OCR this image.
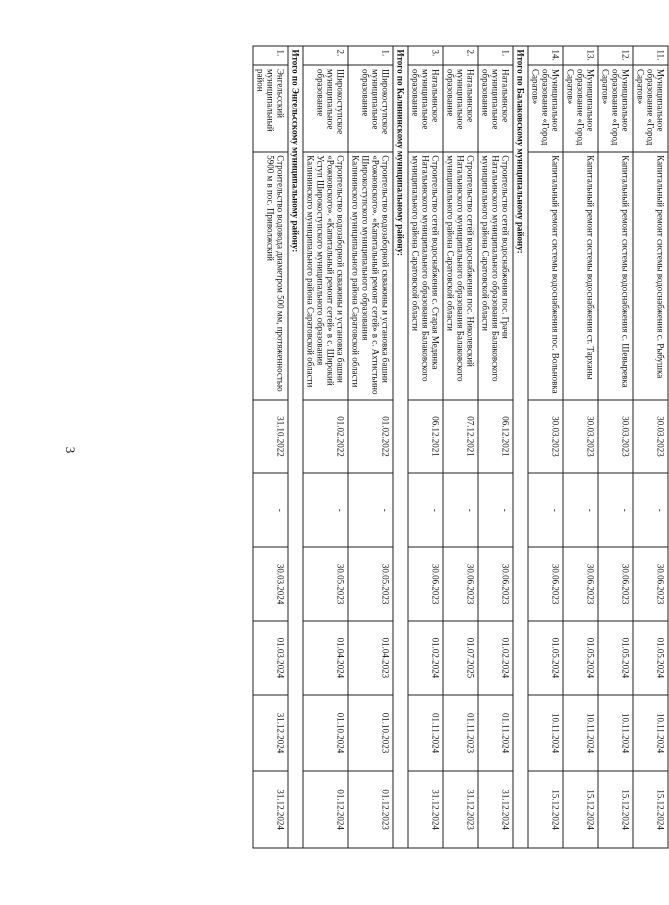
3
11.	Муниципальное образование «Город Саратов»	Капитальный ремонт системы водоснабжения с. Рыбушка	30.03.2023	-	30.06.2023	01.05.2024	10.11.2024	15.12.2024
12.	Муниципальное образование «Город Саратов»	Капитальный ремонт системы водоснабжения с. Шевыревка	30.03.2023	-	30.06.2023	01.05.2024	10.11.2024	15.12.2024
13.	Муниципальное образование «Город Саратов»	Капитальный ремонт системы водоснабжения ст. Тарханы	30.03.2023	-	30.06.2023	01.05.2024	10.11.2024	15.12.2024
14.	Муниципальное образование «Город Саратов»	Капитальный ремонт системы водоснабжения пос. Вольновка	30.03.2023	-	30.06.2023	01.05.2024	10.11.2024	15.12.2024
Итого по Балаковскому муниципальному району:								
1.	Натальинское муниципальное образование	Строительство сетей водоснабжения пос. Грачи Натальинского муниципального образования Балаковского муниципального района Саратовской области	06.12.2021	-	30.06.2023	01.02.2024	01.11.2024	31.12.2024
2.	Натальинское муниципальное образование	Строительство сетей водоснабжения пос. Николевский Натальинского муниципального образования Балаковского муниципального района Саратовской области	07.12.2021	-	30.06.2023	01.07.2025	01.11.2023	31.12.2023
3.	Натальинское муниципальное образование	Строительство сетей водоснабжения с. Старая Медянка Натальинского муниципального образования Балаковского муниципального района Саратовской области	06.12.2021	-	30.06.2023	01.02.2024	01.11.2024	31.12.2024
Итого по Калининскому муниципальному району:								
1.	Широкоступское муниципальное образование	Строительство водозаборной скважины и установка башни «Рожновского». «Капитальный ремонт сетей» в с. Ахтистьино Широкоступского муниципального образования Калининского муниципального района Саратовской области	01.02.2022	-	30.05.2023	01.04.2023	01.10.2023	01.12.2023
2.	Широкоступское муниципальное образование	Строительство водозаборной скважины и установка башни «Рожновского». «Капитальный ремонт сетей» в с. Широкий Уступ Широкоступского муниципального образования Калининского муниципального района Саратовской области	01.02.2022	-	30.05.2023	01.04.2024	01.10.2024	01.12.2024
Итого по Энгельсскому муниципальному району:								
1.	Энгельсский муниципальный район	Строительство водовода диаметром 500 мм, протяженностью 5900 м в пос. Приволжский	31.10.2022	-	30.03.2024	01.03.2024	31.12.2024	31.12.2024
